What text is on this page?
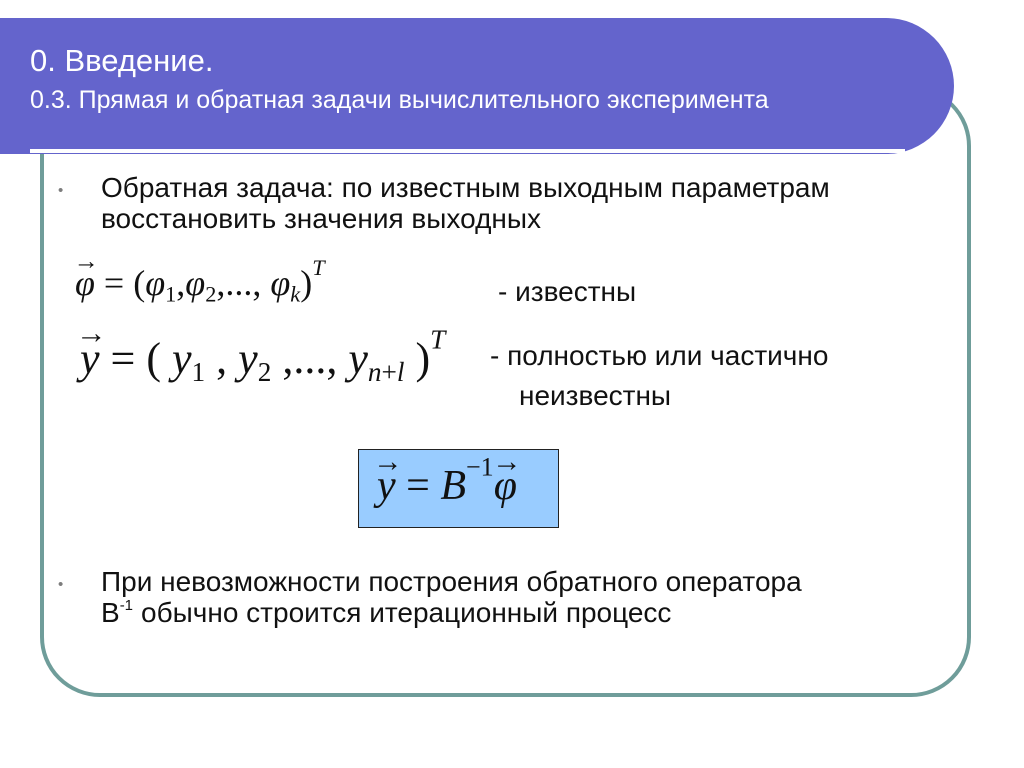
0. Введение.
0.3. Прямая и обратная задачи вычислительного эксперимента
• Обратная задача: по известным выходным параметрам восстановить значения выходных
→ $\varphi = (\varphi_1,\varphi_2$,..., $\varphi_k)^T$
- известны
→ y = ( $y_1$ , $y_2$ ,..., $y_{n+l}$ )$^T$
- полностью или частично
неизвестны
→ $y = B^{-1}\to \varphi$
• При невозможности построения обратного оператора
$B^{-1}$ обычно строится итерационный процесс
